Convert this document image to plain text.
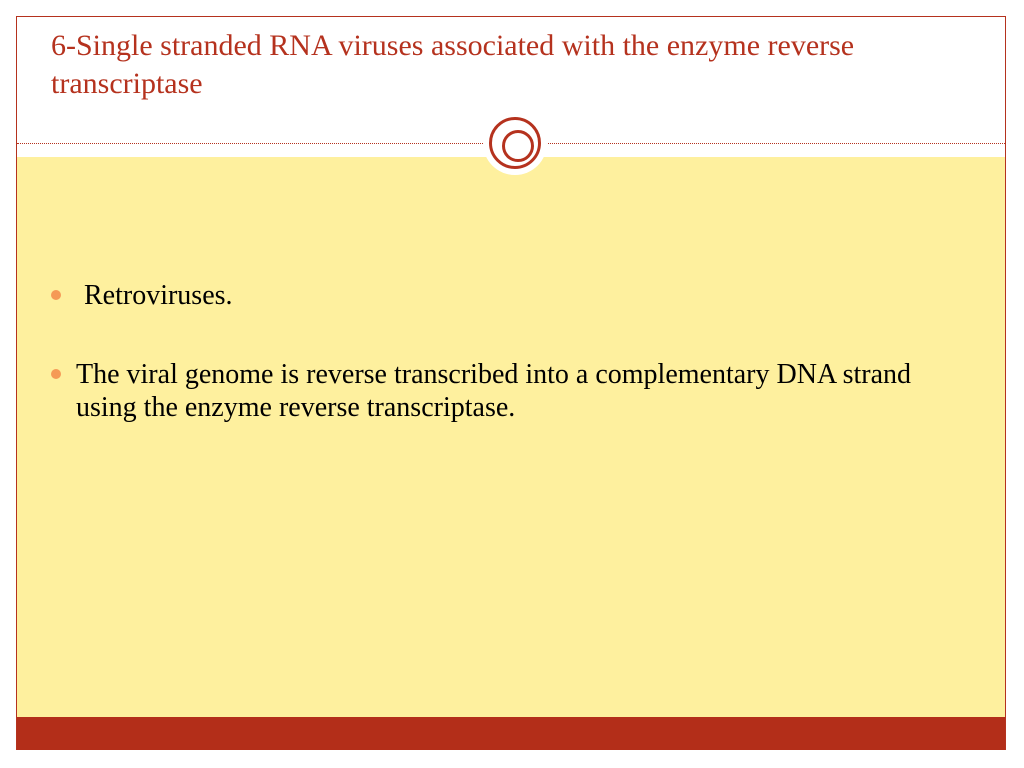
6-Single stranded RNA viruses associated with the enzyme reverse transcriptase
Retroviruses.
The viral genome is reverse transcribed into a complementary DNA strand using the enzyme reverse transcriptase.
